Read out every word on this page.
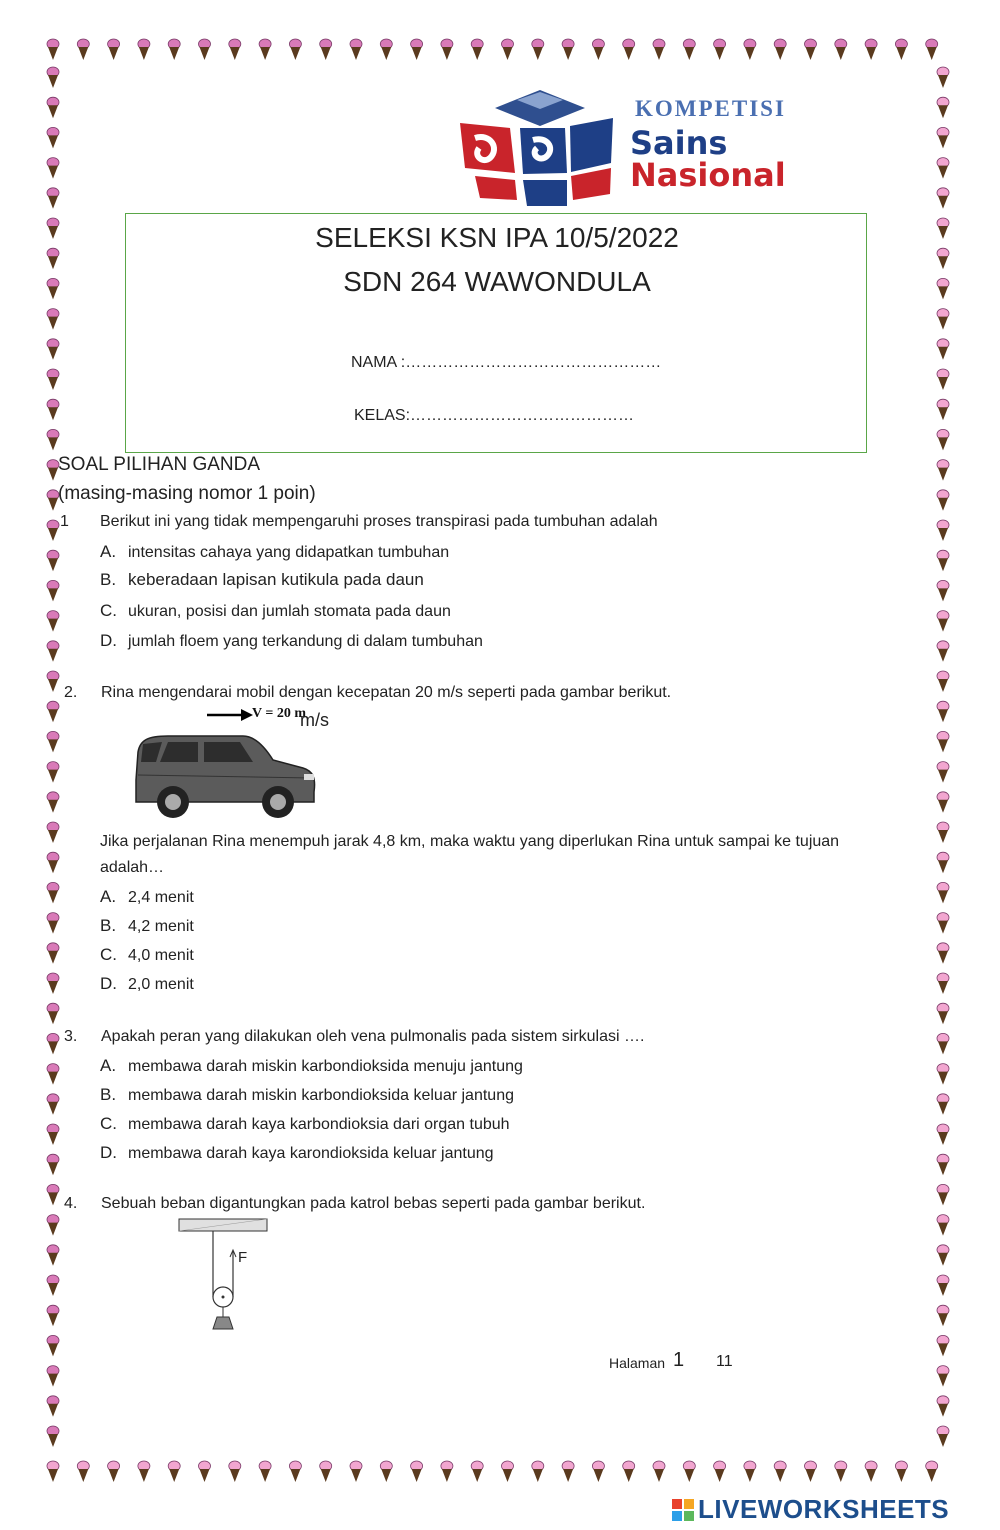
KOMPETISI
Sains
Nasional
SELEKSI KSN IPA 10/5/2022
SDN 264 WAWONDULA
NAMA :…………………………………………
KELAS:……………………………………
SOAL PILIHAN GANDA
(masing-masing nomor 1 poin)
1 Berikut ini yang tidak mempengaruhi proses transpirasi pada tumbuhan adalah
A. intensitas cahaya yang didapatkan tumbuhan
B. keberadaan lapisan kutikula pada daun
C. ukuran, posisi dan jumlah stomata pada daun
D. jumlah floem yang terkandung di dalam tumbuhan
2. Rina mengendarai mobil dengan kecepatan 20 m/s seperti pada gambar berikut.
V = 20 m
m/s
Jika perjalanan Rina menempuh jarak 4,8 km, maka waktu yang diperlukan Rina untuk sampai ke tujuan
adalah…
A. 2,4 menit
B. 4,2 menit
C. 4,0 menit
D. 2,0 menit
3. Apakah peran yang dilakukan oleh vena pulmonalis pada sistem sirkulasi ….
A. membawa darah miskin karbondioksida menuju jantung
B. membawa darah miskin karbondioksida keluar jantung
C. membawa darah kaya karbondioksia dari organ tubuh
D. membawa darah kaya karondioksida keluar jantung
4. Sebuah beban digantungkan pada katrol bebas seperti pada gambar berikut.
F
Halaman 1 11
LIVEWORKSHEETS
